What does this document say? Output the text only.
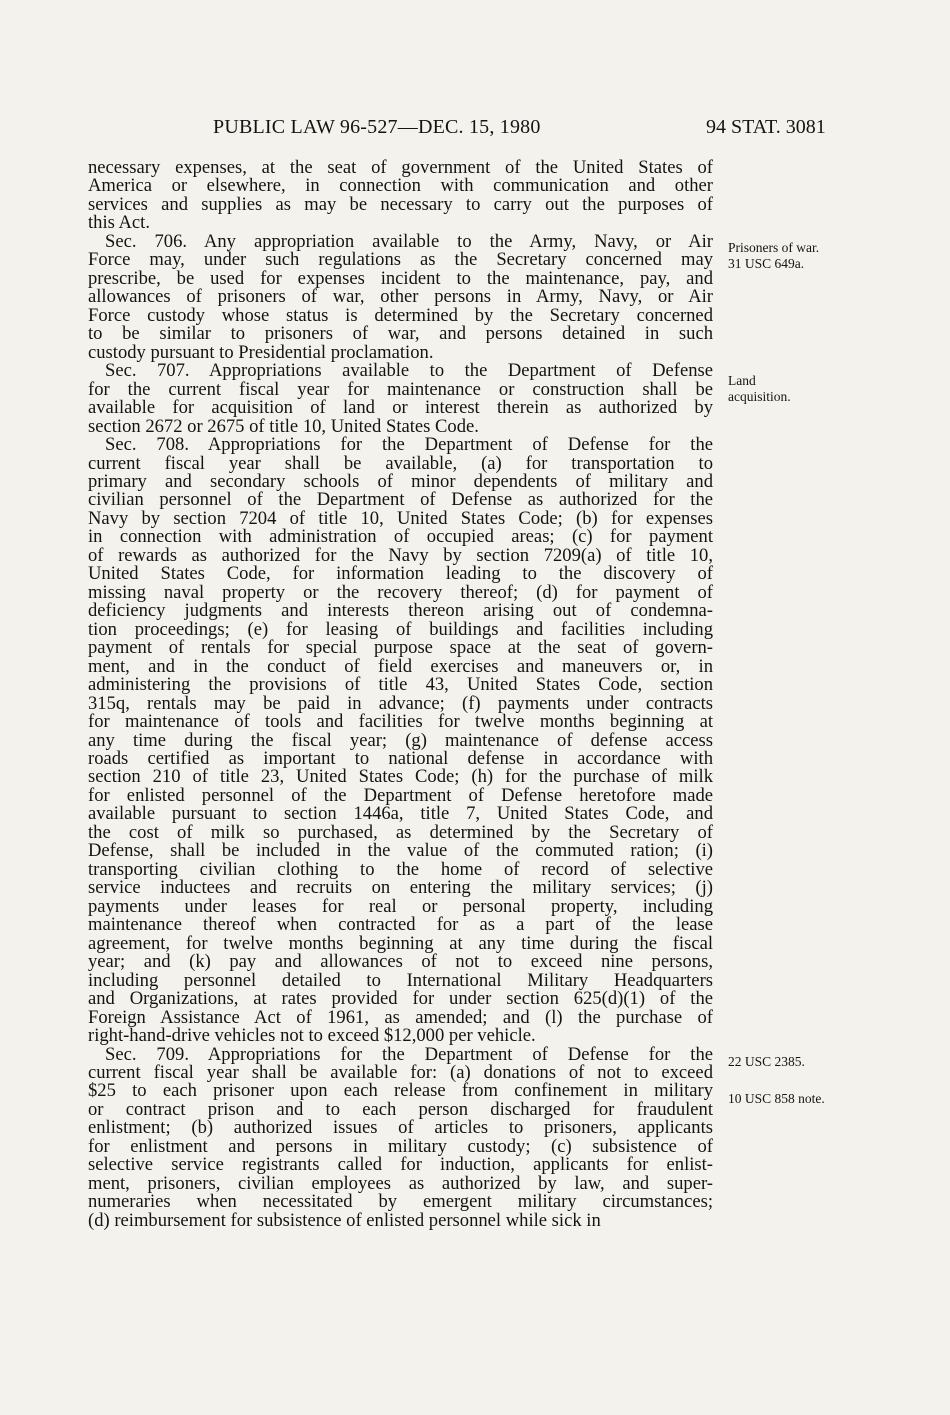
PUBLIC LAW 96-527—DEC. 15, 1980	94 STAT. 3081
necessary expenses, at the seat of government of the United States of
America or elsewhere, in connection with communication and other
services and supplies as may be necessary to carry out the purposes of
this Act.
Sec. 706. Any appropriation available to the Army, Navy, or Air
Force may, under such regulations as the Secretary concerned may
prescribe, be used for expenses incident to the maintenance, pay, and
allowances of prisoners of war, other persons in Army, Navy, or Air
Force custody whose status is determined by the Secretary concerned
to be similar to prisoners of war, and persons detained in such
custody pursuant to Presidential proclamation.
Sec. 707. Appropriations available to the Department of Defense
for the current fiscal year for maintenance or construction shall be
available for acquisition of land or interest therein as authorized by
section 2672 or 2675 of title 10, United States Code.
Sec. 708. Appropriations for the Department of Defense for the
current fiscal year shall be available, (a) for transportation to
primary and secondary schools of minor dependents of military and
civilian personnel of the Department of Defense as authorized for the
Navy by section 7204 of title 10, United States Code; (b) for expenses
in connection with administration of occupied areas; (c) for payment
of rewards as authorized for the Navy by section 7209(a) of title 10,
United States Code, for information leading to the discovery of
missing naval property or the recovery thereof; (d) for payment of
deficiency judgments and interests thereon arising out of condemna-
tion proceedings; (e) for leasing of buildings and facilities including
payment of rentals for special purpose space at the seat of govern-
ment, and in the conduct of field exercises and maneuvers or, in
administering the provisions of title 43, United States Code, section
315q, rentals may be paid in advance; (f) payments under contracts
for maintenance of tools and facilities for twelve months beginning at
any time during the fiscal year; (g) maintenance of defense access
roads certified as important to national defense in accordance with
section 210 of title 23, United States Code; (h) for the purchase of milk
for enlisted personnel of the Department of Defense heretofore made
available pursuant to section 1446a, title 7, United States Code, and
the cost of milk so purchased, as determined by the Secretary of
Defense, shall be included in the value of the commuted ration; (i)
transporting civilian clothing to the home of record of selective
service inductees and recruits on entering the military services; (j)
payments under leases for real or personal property, including
maintenance thereof when contracted for as a part of the lease
agreement, for twelve months beginning at any time during the fiscal
year; and (k) pay and allowances of not to exceed nine persons,
including personnel detailed to International Military Headquarters
and Organizations, at rates provided for under section 625(d)(1) of the
Foreign Assistance Act of 1961, as amended; and (l) the purchase of
right-hand-drive vehicles not to exceed $12,000 per vehicle.
Sec. 709. Appropriations for the Department of Defense for the
current fiscal year shall be available for: (a) donations of not to exceed
$25 to each prisoner upon each release from confinement in military
or contract prison and to each person discharged for fraudulent
enlistment; (b) authorized issues of articles to prisoners, applicants
for enlistment and persons in military custody; (c) subsistence of
selective service registrants called for induction, applicants for enlist-
ment, prisoners, civilian employees as authorized by law, and super-
numeraries when necessitated by emergent military circumstances;
(d) reimbursement for subsistence of enlisted personnel while sick in
Prisoners of war.
31 USC 649a.
Land
acquisition.
22 USC 2385.
10 USC 858 note.
